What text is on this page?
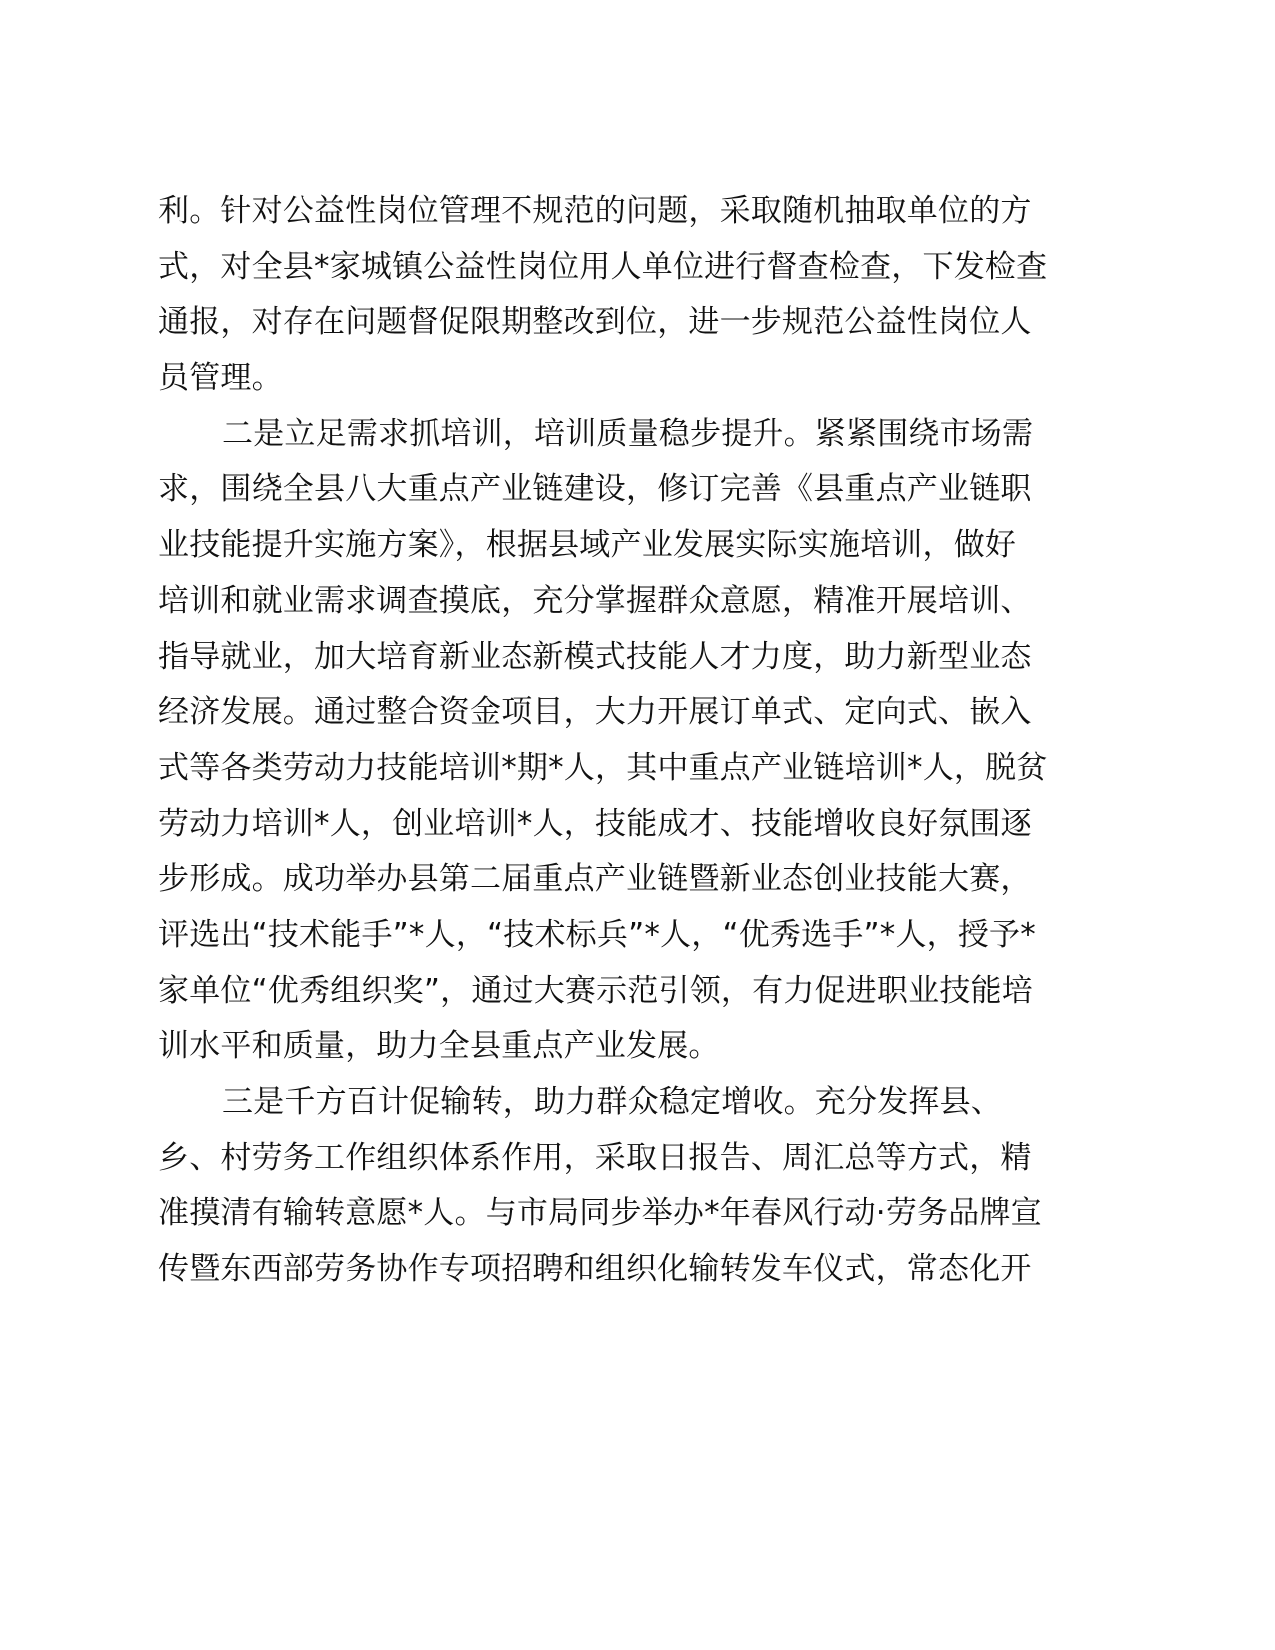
利。针对公益性岗位管理不规范的问题，采取随机抽取单位的方
式，对全县*家城镇公益性岗位用人单位进行督查检查，下发检查
通报，对存在问题督促限期整改到位，进一步规范公益性岗位人
员管理。
二是立足需求抓培训，培训质量稳步提升。紧紧围绕市场需
求，围绕全县八大重点产业链建设，修订完善《县重点产业链职
业技能提升实施方案》，根据县域产业发展实际实施培训，做好
培训和就业需求调查摸底，充分掌握群众意愿，精准开展培训、
指导就业，加大培育新业态新模式技能人才力度，助力新型业态
经济发展。通过整合资金项目，大力开展订单式、定向式、嵌入
式等各类劳动力技能培训*期*人，其中重点产业链培训*人，脱贫
劳动力培训*人，创业培训*人，技能成才、技能增收良好氛围逐
步形成。成功举办县第二届重点产业链暨新业态创业技能大赛，
评选出“技术能手”*人，“技术标兵”*人，“优秀选手”*人，授予*
家单位“优秀组织奖”，通过大赛示范引领，有力促进职业技能培
训水平和质量，助力全县重点产业发展。
三是千方百计促输转，助力群众稳定增收。充分发挥县、
乡、村劳务工作组织体系作用，采取日报告、周汇总等方式，精
准摸清有输转意愿*人。与市局同步举办*年春风行动·劳务品牌宣
传暨东西部劳务协作专项招聘和组织化输转发车仪式，常态化开
